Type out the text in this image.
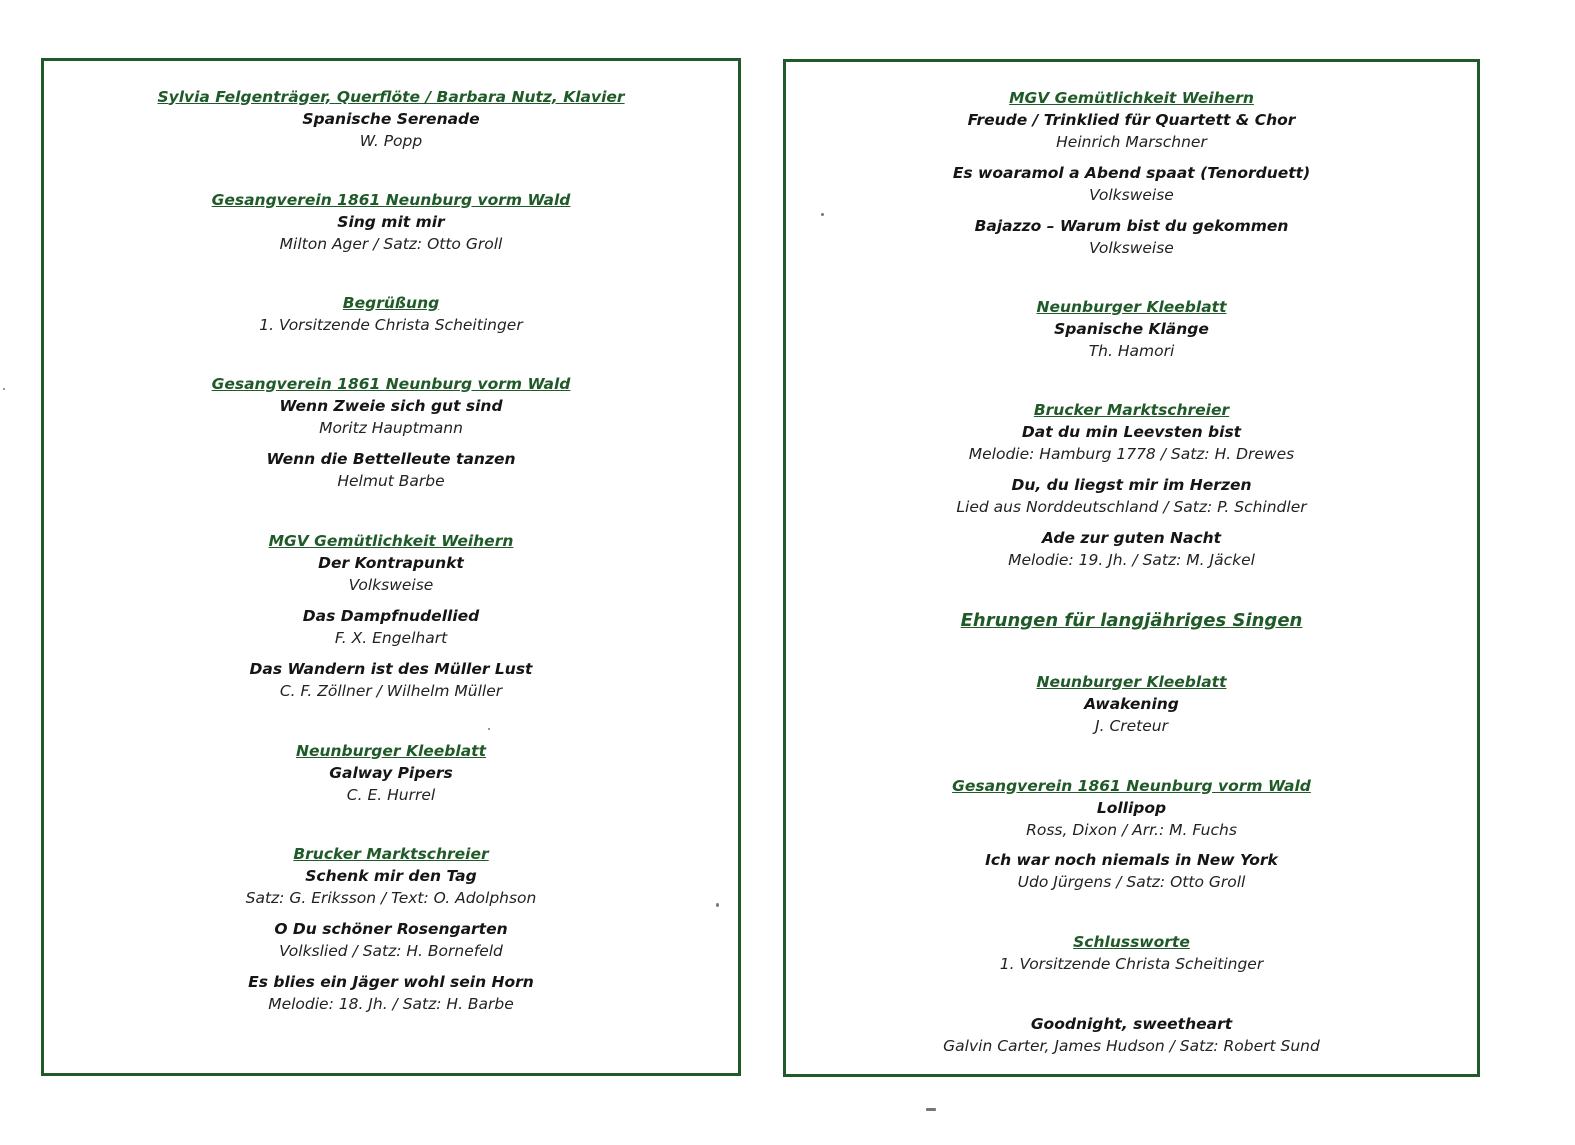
Sylvia Felgenträger, Querflöte / Barbara Nutz, Klavier
Spanische Serenade
W. Popp
Gesangverein 1861 Neunburg vorm Wald
Sing mit mir
Milton Ager / Satz: Otto Groll
Begrüßung
1. Vorsitzende Christa Scheitinger
Gesangverein 1861 Neunburg vorm Wald
Wenn Zweie sich gut sind
Moritz Hauptmann
Wenn die Bettelleute tanzen
Helmut Barbe
MGV Gemütlichkeit Weihern
Der Kontrapunkt
Volksweise
Das Dampfnudellied
F. X. Engelhart
Das Wandern ist des Müller Lust
C. F. Zöllner / Wilhelm Müller
Neunburger Kleeblatt
Galway Pipers
C. E. Hurrel
Brucker Marktschreier
Schenk mir den Tag
Satz: G. Eriksson / Text: O. Adolphson
O Du schöner Rosengarten
Volkslied / Satz: H. Bornefeld
Es blies ein Jäger wohl sein Horn
Melodie: 18. Jh. / Satz: H. Barbe
MGV Gemütlichkeit Weihern
Freude / Trinklied für Quartett & Chor
Heinrich Marschner
Es woaramol a Abend spaat (Tenorduett)
Volksweise
Bajazzo – Warum bist du gekommen
Volksweise
Neunburger Kleeblatt
Spanische Klänge
Th. Hamori
Brucker Marktschreier
Dat du min Leevsten bist
Melodie: Hamburg 1778 / Satz: H. Drewes
Du, du liegst mir im Herzen
Lied aus Norddeutschland / Satz: P. Schindler
Ade zur guten Nacht
Melodie: 19. Jh. / Satz: M. Jäckel
Ehrungen für langjähriges Singen
Neunburger Kleeblatt
Awakening
J. Creteur
Gesangverein 1861 Neunburg vorm Wald
Lollipop
Ross, Dixon / Arr.: M. Fuchs
Ich war noch niemals in New York
Udo Jürgens / Satz: Otto Groll
Schlussworte
1. Vorsitzende Christa Scheitinger
Goodnight, sweetheart
Galvin Carter, James Hudson / Satz: Robert Sund
